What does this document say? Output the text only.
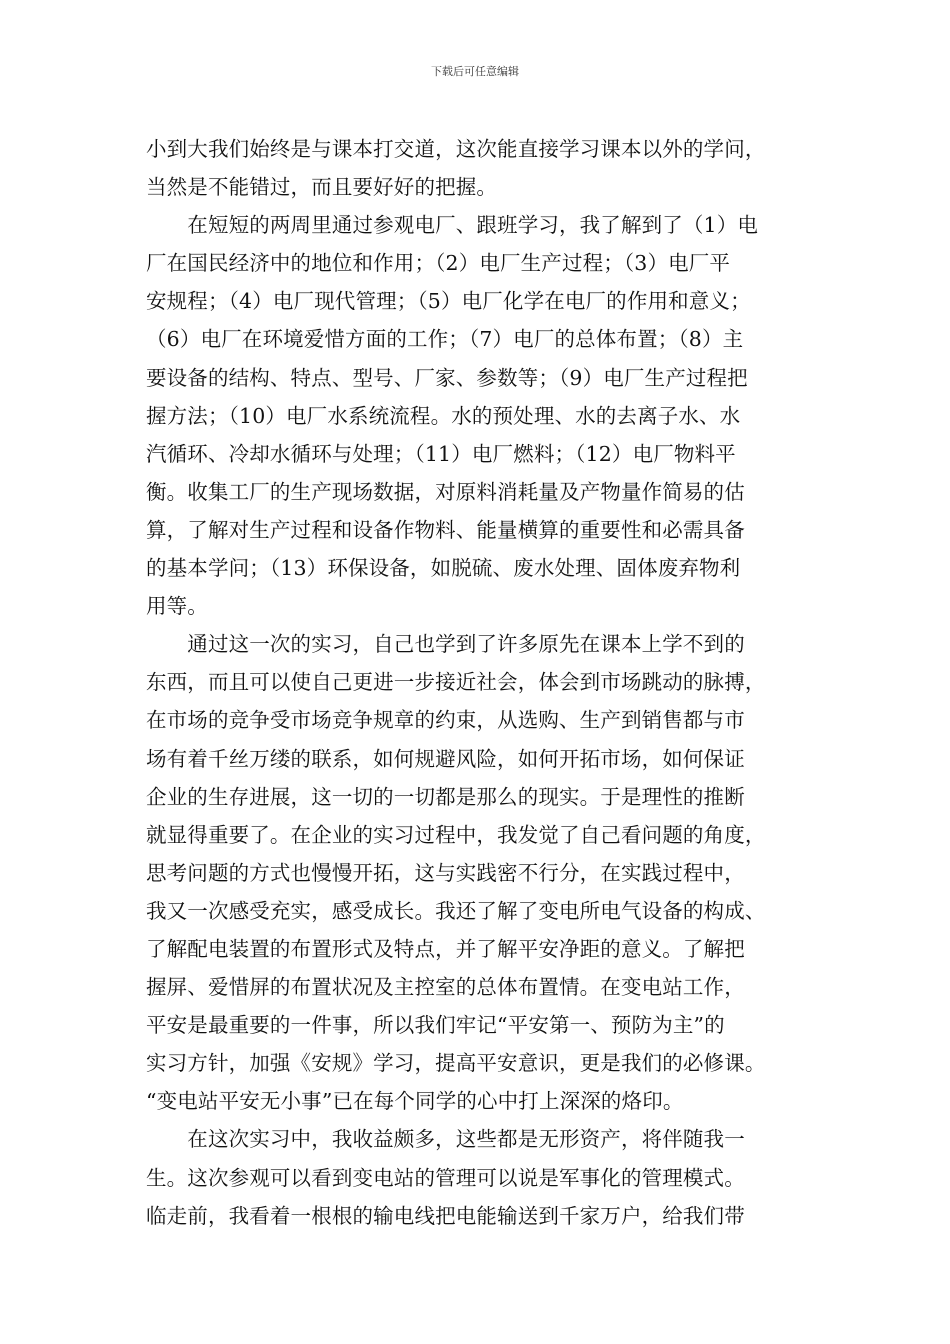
下载后可任意编辑
小到大我们始终是与课本打交道，这次能直接学习课本以外的学问，
当然是不能错过，而且要好好的把握。
　　在短短的两周里通过参观电厂、跟班学习，我了解到了（1）电
厂在国民经济中的地位和作用；（2）电厂生产过程；（3）电厂平
安规程；（4）电厂现代管理；（5）电厂化学在电厂的作用和意义；
（6）电厂在环境爱惜方面的工作；（7）电厂的总体布置；（8）主
要设备的结构、特点、型号、厂家、参数等；（9）电厂生产过程把
握方法；（10）电厂水系统流程。水的预处理、水的去离子水、水
汽循环、冷却水循环与处理；（11）电厂燃料；（12）电厂物料平
衡。收集工厂的生产现场数据，对原料消耗量及产物量作简易的估
算，了解对生产过程和设备作物料、能量横算的重要性和必需具备
的基本学问；（13）环保设备，如脱硫、废水处理、固体废弃物利
用等。
　　通过这一次的实习，自己也学到了许多原先在课本上学不到的
东西，而且可以使自己更进一步接近社会，体会到市场跳动的脉搏，
在市场的竞争受市场竞争规章的约束，从选购、生产到销售都与市
场有着千丝万缕的联系，如何规避风险，如何开拓市场，如何保证
企业的生存进展，这一切的一切都是那么的现实。于是理性的推断
就显得重要了。在企业的实习过程中，我发觉了自己看问题的角度，
思考问题的方式也慢慢开拓，这与实践密不行分，在实践过程中，
我又一次感受充实，感受成长。我还了解了变电所电气设备的构成、
了解配电装置的布置形式及特点，并了解平安净距的意义。了解把
握屏、爱惜屏的布置状况及主控室的总体布置情。在变电站工作，
平安是最重要的一件事，所以我们牢记“平安第一、预防为主”的
实习方针，加强《安规》学习，提高平安意识，更是我们的必修课。
“变电站平安无小事”已在每个同学的心中打上深深的烙印。
　　在这次实习中，我收益颇多，这些都是无形资产，将伴随我一
生。这次参观可以看到变电站的管理可以说是军事化的管理模式。
临走前，我看着一根根的输电线把电能输送到千家万户，给我们带
